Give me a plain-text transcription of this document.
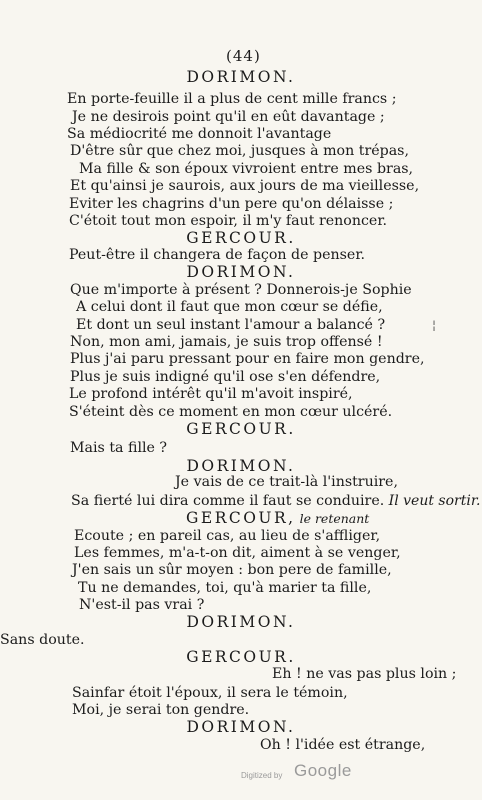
(44)
DORIMON.
En porte-feuille il a plus de cent mille francs ;
Je ne desirois point qu'il en eût davantage ;
Sa médiocrité me donnoit l'avantage
D'être sûr que chez moi, jusques à mon trépas,
Ma fille & son époux vivroient entre mes bras,
Et qu'ainsi je saurois, aux jours de ma vieillesse,
Eviter les chagrins d'un pere qu'on délaisse ;
C'étoit tout mon espoir, il m'y faut renoncer.
GERCOUR.
Peut-être il changera de façon de penser.
DORIMON.
Que m'importe à présent ? Donnerois-je Sophie
A celui dont il faut que mon cœur se défie,
Et dont un seul instant l'amour a balancé ?
Non, mon ami, jamais, je suis trop offensé !
Plus j'ai paru pressant pour en faire mon gendre,
Plus je suis indigné qu'il ose s'en défendre,
Le profond intérêt qu'il m'avoit inspiré,
S'éteint dès ce moment en mon cœur ulcéré.
GERCOUR.
Mais ta fille ?
DORIMON.
Je vais de ce trait-là l'instruire,
Sa fierté lui dira comme il faut se conduire. Il veut sortir.
GERCOUR, le retenant
Ecoute ; en pareil cas, au lieu de s'affliger,
Les femmes, m'a-t-on dit, aiment à se venger,
J'en sais un sûr moyen : bon pere de famille,
Tu ne demandes, toi, qu'à marier ta fille,
N'est-il pas vrai ?
DORIMON.
Sans doute.
GERCOUR.
Eh ! ne vas pas plus loin ;
Sainfar étoit l'époux, il sera le témoin,
Moi, je serai ton gendre.
DORIMON.
Oh ! l'idée est étrange,
¦
Digitized by Google
